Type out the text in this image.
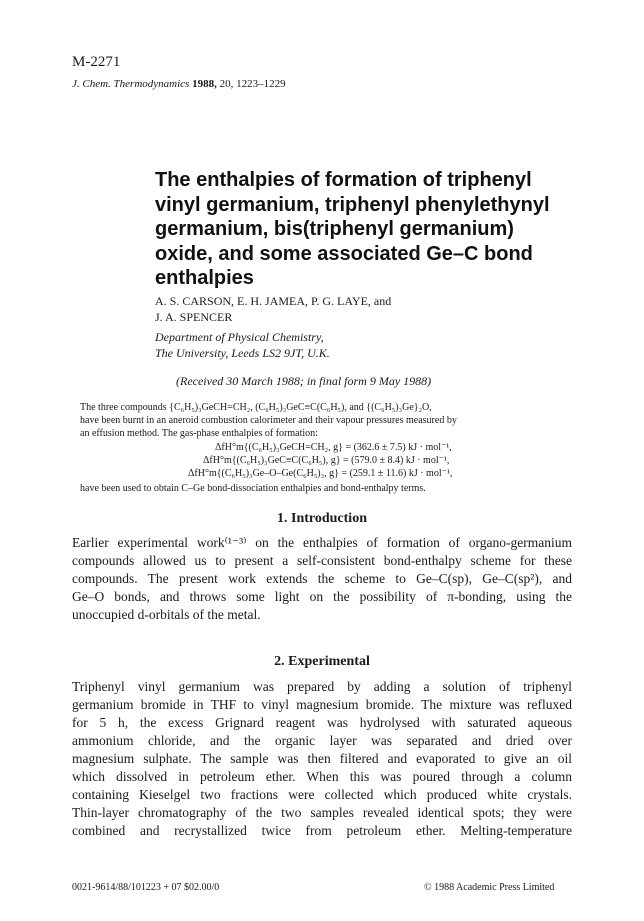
M-2271
J. Chem. Thermodynamics 1988, 20, 1223–1229
The enthalpies of formation of triphenyl
vinyl germanium, triphenyl phenylethynyl
germanium, bis(triphenyl germanium)
oxide, and some associated Ge–C bond
enthalpies
A. S. CARSON, E. H. JAMEA, P. G. LAYE, and
J. A. SPENCER
Department of Physical Chemistry,
The University, Leeds LS2 9JT, U.K.
(Received 30 March 1988; in final form 9 May 1988)

The three compounds {C₆H₅)₃GeCH=CH₂, (C₆H₅)₃GeC≡C(C₆H₅), and {(C₆H₅)₃Ge}₂O,

have been burnt in an aneroid combustion calorimeter and their vapour pressures measured by

an effusion method. The gas-phase enthalpies of formation:

ΔfH°m{(C₆H₅)₃GeCH=CH₂, g} = (362.6 ± 7.5) kJ · mol⁻¹,
ΔfH°m{(C₆H₅)₃GeC≡C(C₆H₅), g} = (579.0 ± 8.4) kJ · mol⁻¹,
ΔfH°m{(C₆H₅)₃Ge–O–Ge(C₆H₅)₃, g} = (259.1 ± 11.6) kJ · mol⁻¹,
have been used to obtain C–Ge bond-dissociation enthalpies and bond-enthalpy terms.
1. Introduction
Earlier experimental work⁽¹⁻³⁾ on the enthalpies of formation of organo-germanium
compounds allowed us to present a self-consistent bond-enthalpy scheme for these
compounds. The present work extends the scheme to Ge–C(sp), Ge–C(sp²), and
Ge–O bonds, and throws some light on the possibility of π-bonding, using the
unoccupied d-orbitals of the metal.
2. Experimental
Triphenyl vinyl germanium was prepared by adding a solution of triphenyl
germanium bromide in THF to vinyl magnesium bromide. The mixture was refluxed
for 5 h, the excess Grignard reagent was hydrolysed with saturated aqueous
ammonium chloride, and the organic layer was separated and dried over
magnesium sulphate. The sample was then filtered and evaporated to give an oil
which dissolved in petroleum ether. When this was poured through a column
containing Kieselgel two fractions were collected which produced white crystals.
Thin-layer chromatography of the two samples revealed identical spots; they were
combined and recrystallized twice from petroleum ether. Melting-temperature
0021-9614/88/101223 + 07 $02.00/0	© 1988 Academic Press Limited
